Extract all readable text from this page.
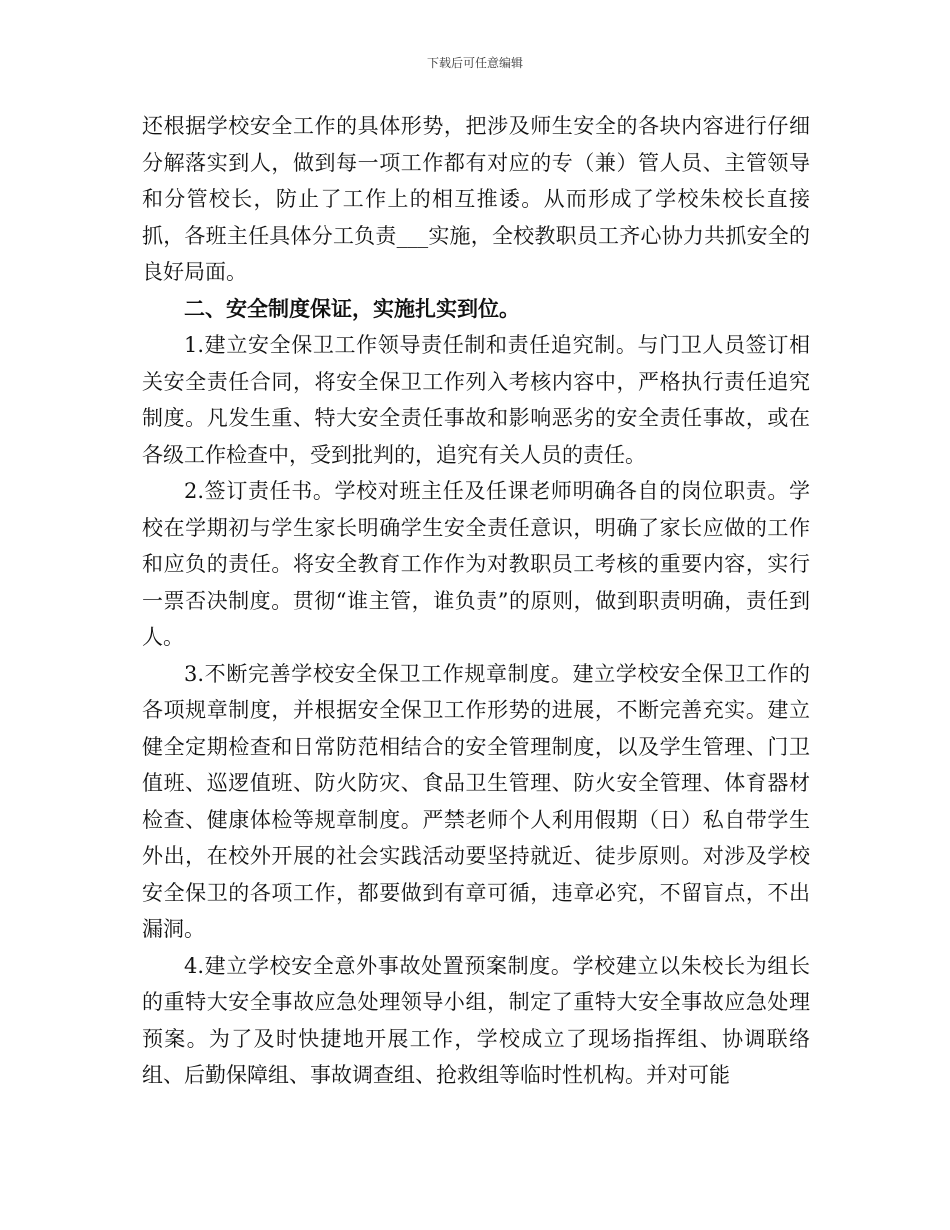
下载后可任意编辑

还根据学校安全工作的具体形势，把涉及师生安全的各块内容进行仔细分解落实到人，做到每一项工作都有对应的专（兼）管人员、主管领导和分管校长，防止了工作上的相互推诿。从而形成了学校朱校长直接抓，各班主任具体分工负责___实施，全校教职员工齐心协力共抓安全的良好局面。

二、安全制度保证，实施扎实到位。

1.建立安全保卫工作领导责任制和责任追究制。与门卫人员签订相关安全责任合同，将安全保卫工作列入考核内容中，严格执行责任追究制度。凡发生重、特大安全责任事故和影响恶劣的安全责任事故，或在各级工作检查中，受到批判的，追究有关人员的责任。

2.签订责任书。学校对班主任及任课老师明确各自的岗位职责。学校在学期初与学生家长明确学生安全责任意识，明确了家长应做的工作和应负的责任。将安全教育工作作为对教职员工考核的重要内容，实行一票否决制度。贯彻“谁主管，谁负责”的原则，做到职责明确，责任到人。

3.不断完善学校安全保卫工作规章制度。建立学校安全保卫工作的各项规章制度，并根据安全保卫工作形势的进展，不断完善充实。建立健全定期检查和日常防范相结合的安全管理制度，以及学生管理、门卫值班、巡逻值班、防火防灾、食品卫生管理、防火安全管理、体育器材检查、健康体检等规章制度。严禁老师个人利用假期（日）私自带学生外出，在校外开展的社会实践活动要坚持就近、徒步原则。对涉及学校安全保卫的各项工作，都要做到有章可循，违章必究，不留盲点，不出漏洞。

4.建立学校安全意外事故处置预案制度。学校建立以朱校长为组长的重特大安全事故应急处理领导小组，制定了重特大安全事故应急处理预案。为了及时快捷地开展工作，学校成立了现场指挥组、协调联络组、后勤保障组、事故调查组、抢救组等临时性机构。并对可能
